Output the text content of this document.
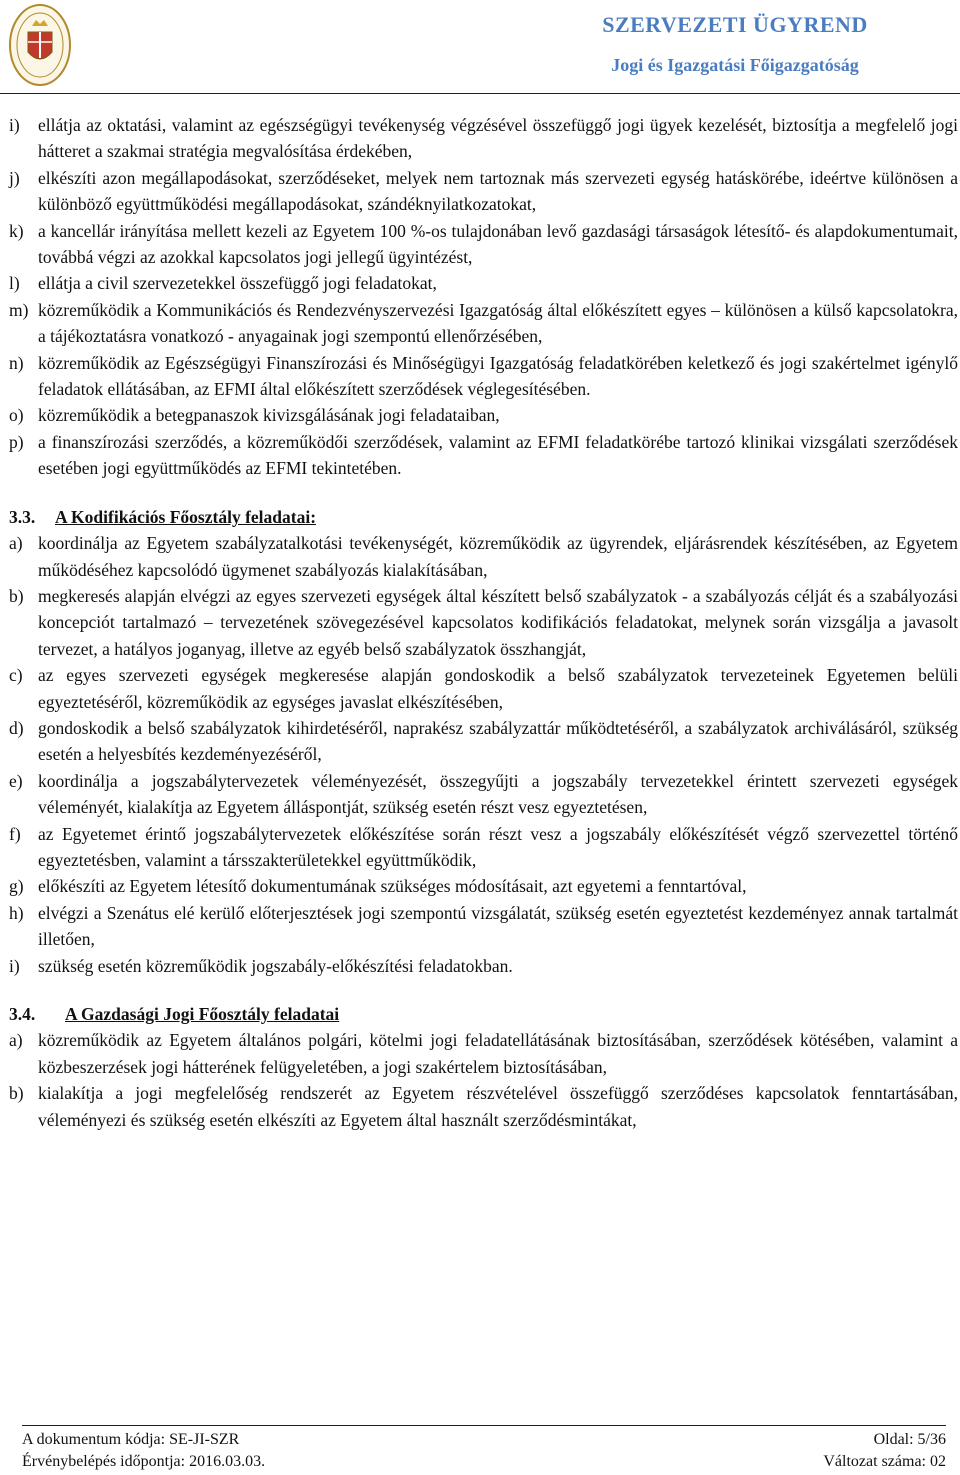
SZERVEZETI ÜGYREND
Jogi és Igazgatási Főigazgatóság
i)	ellátja az oktatási, valamint az egészségügyi tevékenység végzésével összefüggő jogi ügyek kezelését, biztosítja a megfelelő jogi hátteret a szakmai stratégia megvalósítása érdekében,
j)	elkészíti azon megállapodásokat, szerződéseket, melyek nem tartoznak más szervezeti egység hatáskörébe, ideértve különösen a különböző együttműködési megállapodásokat, szándéknyilatkozatokat,
k) a kancellár irányítása mellett kezeli az Egyetem 100 %-os tulajdonában levő gazdasági társaságok létesítő- és alapdokumentumait, továbbá végzi az azokkal kapcsolatos jogi jellegű ügyintézést,
l)	ellátja a civil szervezetekkel összefüggő jogi feladatokat,
m) közreműködik a Kommunikációs és Rendezvényszervezési Igazgatóság által előkészített egyes – különösen a külső kapcsolatokra, a tájékoztatásra vonatkozó - anyagainak jogi szempontú ellenőrzésében,
n) közreműködik az Egészségügyi Finanszírozási és Minőségügyi Igazgatóság feladatkörében keletkező és jogi szakértelmet igénylő feladatok ellátásában, az EFMI által előkészített szerződések véglegesítésében.
o) közreműködik a betegpanaszok kivizsgálásának jogi feladataiban,
p) a finanszírozási szerződés, a közreműködői szerződések, valamint az EFMI feladatkörébe tartozó klinikai vizsgálati szerződések esetében jogi együttműködés az EFMI tekintetében.
3.3.	A Kodifikációs Főosztály feladatai:
a) koordinálja az Egyetem szabályzatalkotási tevékenységét, közreműködik az ügyrendek, eljárásrendek készítésében, az Egyetem működéséhez kapcsolódó ügymenet szabályozás kialakításában,
b) megkeresés alapján elvégzi az egyes szervezeti egységek által készített belső szabályzatok - a szabályozás célját és a szabályozási koncepciót tartalmazó – tervezetének szövegezésével kapcsolatos kodifikációs feladatokat, melynek során vizsgálja a javasolt tervezet, a hatályos joganyag, illetve az egyéb belső szabályzatok összhangját,
c) az egyes szervezeti egységek megkeresése alapján gondoskodik a belső szabályzatok tervezeteinek Egyetemen belüli egyeztetéséről, közreműködik az egységes javaslat elkészítésében,
d) gondoskodik a belső szabályzatok kihirdetéséről, naprakész szabályzattár működtetéséről, a szabályzatok archiválásáról, szükség esetén a helyesbítés kezdeményezéséről,
e) koordinálja a jogszabálytervezetek véleményezését, összegyűjti a jogszabály tervezetekkel érintett szervezeti egységek véleményét, kialakítja az Egyetem álláspontját, szükség esetén részt vesz egyeztetésen,
f) az Egyetemet érintő jogszabálytervezetek előkészítése során részt vesz a jogszabály előkészítését végző szervezettel történő egyeztetésben, valamint a társszakterületekkel együttműködik,
g) előkészíti az Egyetem létesítő dokumentumának szükséges módosításait, azt egyetemi a fenntartóval,
h) elvégzi a Szenátus elé kerülő előterjesztések jogi szempontú vizsgálatát, szükség esetén egyeztetést kezdeményez annak tartalmát illetően,
i)	szükség esetén közreműködik jogszabály-előkészítési feladatokban.
3.4.	A Gazdasági Jogi Főosztály feladatai
a) közreműködik az Egyetem általános polgári, kötelmi jogi feladatellátásának biztosításában, szerződések kötésében, valamint a közbeszerzések jogi hátterének felügyeletében, a jogi szakértelem biztosításában,
b) kialakítja a jogi megfelelőség rendszerét az Egyetem részvételével összefüggő szerződéses kapcsolatok fenntartásában, véleményezi és szükség esetén elkészíti az Egyetem által használt szerződésmintákat,
A dokumentum kódja: SE-JI-SZR	Oldal: 5/36
Érvénybelépés időpontja: 2016.03.03.	Változat száma: 02
